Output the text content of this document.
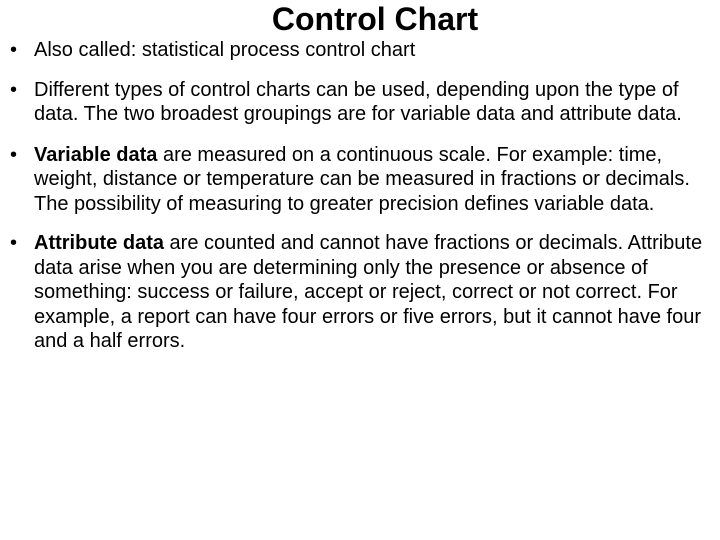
Control Chart
• Also called: statistical process control chart
• Different types of control charts can be used, depending upon the type of data. The two broadest groupings are for variable data and attribute data.
• Variable data are measured on a continuous scale. For example: time, weight, distance or temperature can be measured in fractions or decimals. The possibility of measuring to greater precision defines variable data.
• Attribute data are counted and cannot have fractions or decimals. Attribute data arise when you are determining only the presence or absence of something: success or failure, accept or reject, correct or not correct. For example, a report can have four errors or five errors, but it cannot have four and a half errors.
